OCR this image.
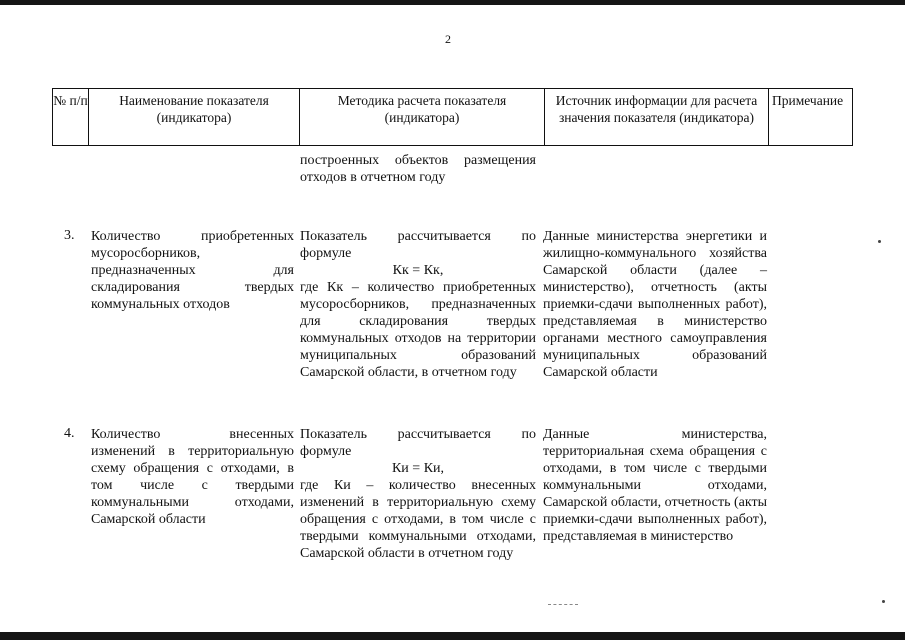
2
№ п/п	Наименование показателя (индикатора)
Методика расчета показателя (индикатора)
Источник информации для расчета значения показателя (индикатора)
Примечание
построенных объектов размещения отходов в отчетном году
3. Количество приобретенных мусоросборников, предназначенных для складирования твердых коммунальных отходов
Показатель рассчитывается по формуле
Кк = Кк,
где Кк – количество приобретенных мусоросборников, предназначенных для складирования твердых коммунальных отходов на территории муниципальных образований Самарской области, в отчетном году
Данные министерства энергетики и жилищно-коммунального хозяйства Самарской области (далее – министерство), отчетность (акты приемки-сдачи выполненных работ), представляемая в министерство органами местного самоуправления муниципальных образований Самарской области
4. Количество внесенных изменений в территориальную схему обращения с отходами, в том числе с твердыми коммунальными отходами, Самарской области
Показатель рассчитывается по формуле
Ки = Ки,
где Ки – количество внесенных изменений в территориальную схему обращения с отходами, в том числе с твердыми коммунальными отходами, Самарской области в отчетном году
Данные министерства, территориальная схема обращения с отходами, в том числе с твердыми коммунальными отходами, Самарской области, отчетность (акты приемки-сдачи выполненных работ), представляемая в министерство
